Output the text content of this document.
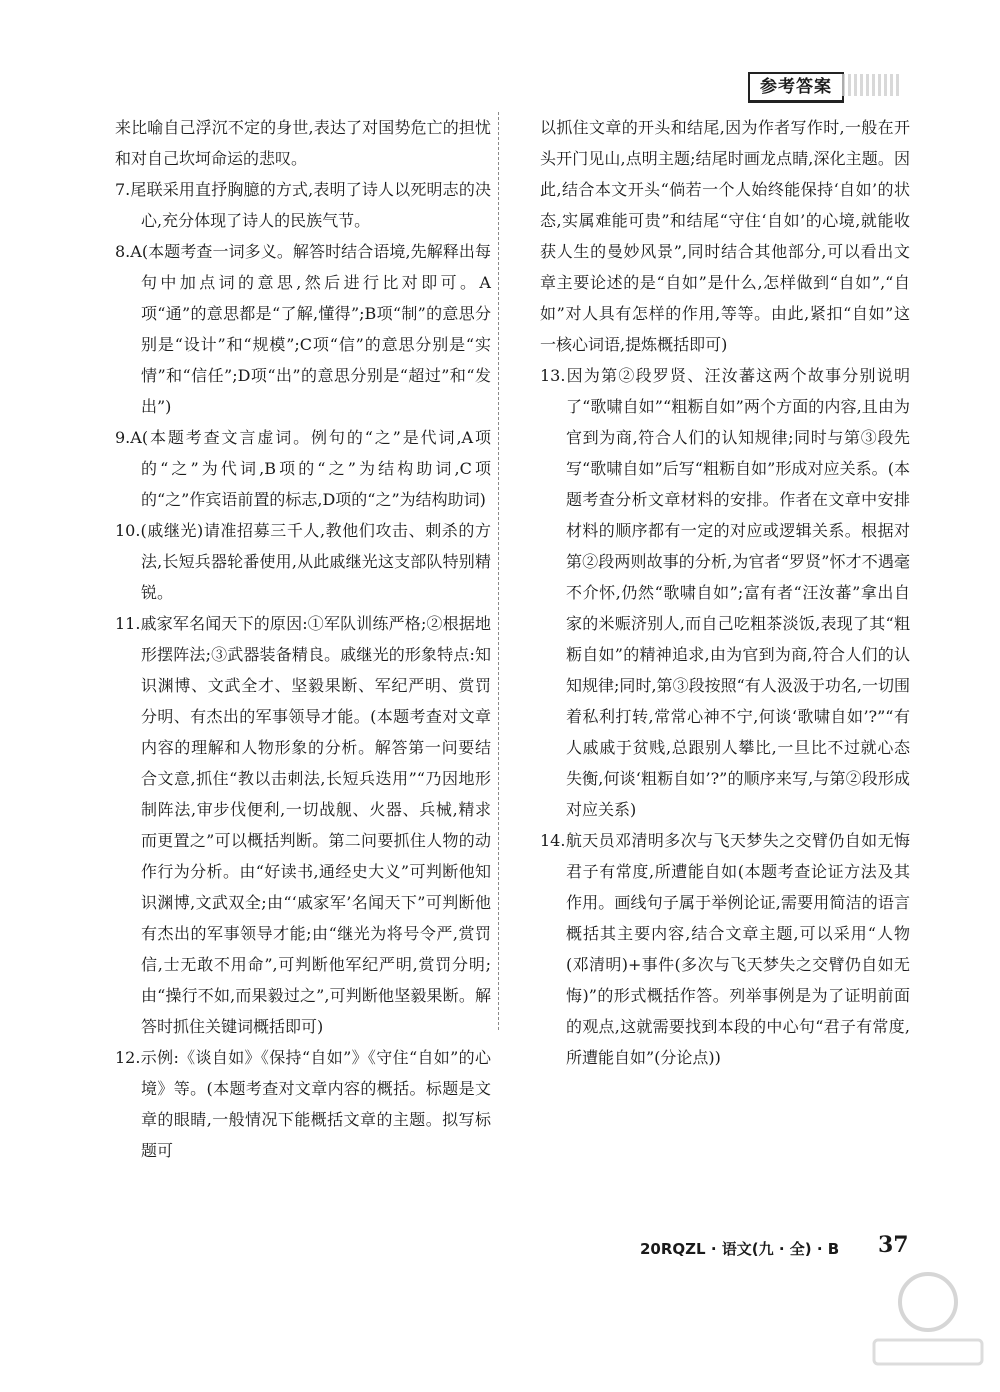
参考答案

来比喻自己浮沉不定的身世,表达了对国势危亡的担忧和对自己坎坷命运的悲叹。

7.尾联采用直抒胸臆的方式,表明了诗人以死明志的决心,充分体现了诗人的民族气节。

8.A(本题考查一词多义。解答时结合语境,先解释出每句中加点词的意思,然后进行比对即可。A项“通”的意思都是“了解,懂得”;B项“制”的意思分别是“设计”和“规模”;C项“信”的意思分别是“实情”和“信任”;D项“出”的意思分别是“超过”和“发出”)

9.A(本题考查文言虚词。例句的“之”是代词,A项的“之”为代词,B项的“之”为结构助词,C项的“之”作宾语前置的标志,D项的“之”为结构助词)

10.(戚继光)请准招募三千人,教他们攻击、刺杀的方法,长短兵器轮番使用,从此戚继光这支部队特别精锐。

11.戚家军名闻天下的原因:①军队训练严格;②根据地形摆阵法;③武器装备精良。戚继光的形象特点:知识渊博、文武全才、坚毅果断、军纪严明、赏罚分明、有杰出的军事领导才能。(本题考查对文章内容的理解和人物形象的分析。解答第一问要结合文意,抓住“教以击刺法,长短兵迭用”“乃因地形制阵法,审步伐便利,一切战舰、火器、兵械,精求而更置之”可以概括判断。第二问要抓住人物的动作行为分析。由“好读书,通经史大义”可判断他知识渊博,文武双全;由“‘戚家军’名闻天下”可判断他有杰出的军事领导才能;由“继光为将号令严,赏罚信,士无敢不用命”,可判断他军纪严明,赏罚分明;由“操行不如,而果毅过之”,可判断他坚毅果断。解答时抓住关键词概括即可)

12.示例:《谈自如》《保持“自如”》《守住“自如”的心境》等。(本题考查对文章内容的概括。标题是文章的眼睛,一般情况下能概括文章的主题。拟写标题可

以抓住文章的开头和结尾,因为作者写作时,一般在开头开门见山,点明主题;结尾时画龙点睛,深化主题。因此,结合本文开头“倘若一个人始终能保持‘自如’的状态,实属难能可贵”和结尾“守住‘自如’的心境,就能收获人生的曼妙风景”,同时结合其他部分,可以看出文章主要论述的是“自如”是什么,怎样做到“自如”,“自如”对人具有怎样的作用,等等。由此,紧扣“自如”这一核心词语,提炼概括即可)

13.因为第②段罗贤、汪汝蕃这两个故事分别说明了“歌啸自如”“粗粝自如”两个方面的内容,且由为官到为商,符合人们的认知规律;同时与第③段先写“歌啸自如”后写“粗粝自如”形成对应关系。(本题考查分析文章材料的安排。作者在文章中安排材料的顺序都有一定的对应或逻辑关系。根据对第②段两则故事的分析,为官者“罗贤”怀才不遇毫不介怀,仍然“歌啸自如”;富有者“汪汝蕃”拿出自家的米赈济别人,而自己吃粗茶淡饭,表现了其“粗粝自如”的精神追求,由为官到为商,符合人们的认知规律;同时,第③段按照“有人汲汲于功名,一切围着私利打转,常常心神不宁,何谈‘歌啸自如’?”“有人戚戚于贫贱,总跟别人攀比,一旦比不过就心态失衡,何谈‘粗粝自如’?”的顺序来写,与第②段形成对应关系)

14.航天员邓清明多次与飞天梦失之交臂仍自如无悔君子有常度,所遭能自如(本题考查论证方法及其作用。画线句子属于举例论证,需要用简洁的语言概括其主要内容,结合文章主题,可以采用“人物(邓清明)+事件(多次与飞天梦失之交臂仍自如无悔)”的形式概括作答。列举事例是为了证明前面的观点,这就需要找到本段的中心句“君子有常度,所遭能自如”(分论点))

20RQZL · 语文(九 · 全) · B 37
